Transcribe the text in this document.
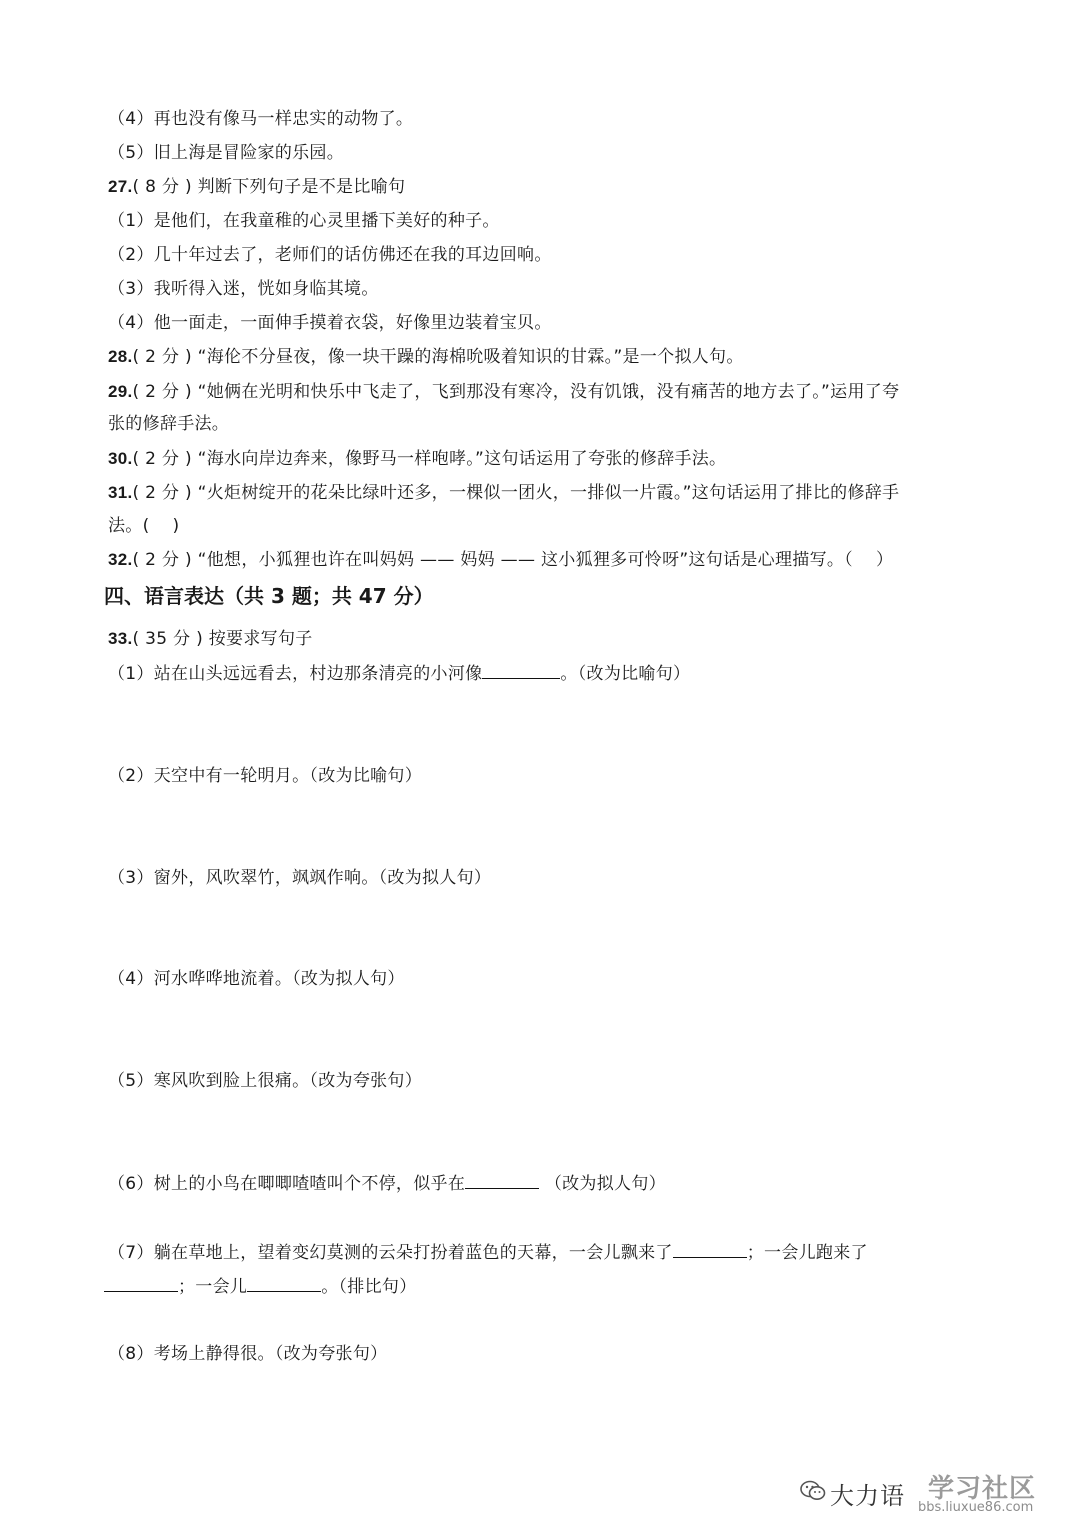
（4）再也没有像马一样忠实的动物了。
（5）旧上海是冒险家的乐园。
27.( 8 分 ) 判断下列句子是不是比喻句
（1）是他们，在我童稚的心灵里播下美好的种子。
（2）几十年过去了，老师们的话仿佛还在我的耳边回响。
（3）我听得入迷，恍如身临其境。
（4）他一面走，一面伸手摸着衣袋，好像里边装着宝贝。
28.( 2 分 ) “海伦不分昼夜，像一块干躁的海棉吮吸着知识的甘霖。”是一个拟人句。
29.( 2 分 ) “她俩在光明和快乐中飞走了，飞到那没有寒冷，没有饥饿，没有痛苦的地方去了。”运用了夸
张的修辞手法。
30.( 2 分 ) “海水向岸边奔来，像野马一样咆哮。”这句话运用了夸张的修辞手法。
31.( 2 分 ) “火炬树绽开的花朵比绿叶还多，一棵似一团火，一排似一片霞。”这句话运用了排比的修辞手
法。(　 )
32.( 2 分 ) “他想，小狐狸也许在叫妈妈 —— 妈妈 —— 这小狐狸多可怜呀”这句话是心理描写。（　 ）
四、语言表达（共 3 题；共 47 分）
33.( 35 分 ) 按要求写句子
（1）站在山头远远看去，村边那条清亮的小河像	。（改为比喻句）
（2）天空中有一轮明月。（改为比喻句）
（3）窗外，风吹翠竹，飒飒作响。（改为拟人句）
（4）河水哗哗地流着。（改为拟人句）
（5）寒风吹到脸上很痛。（改为夸张句）
（6）树上的小鸟在唧唧喳喳叫个不停，似乎在	（改为拟人句）
（7）躺在草地上，望着变幻莫测的云朵打扮着蓝色的天幕，一会儿飘来了	；一会儿跑来了
；一会儿	。（排比句）
（8）考场上静得很。（改为夸张句）
大力语 学习社区
bbs.liuxue86.com
